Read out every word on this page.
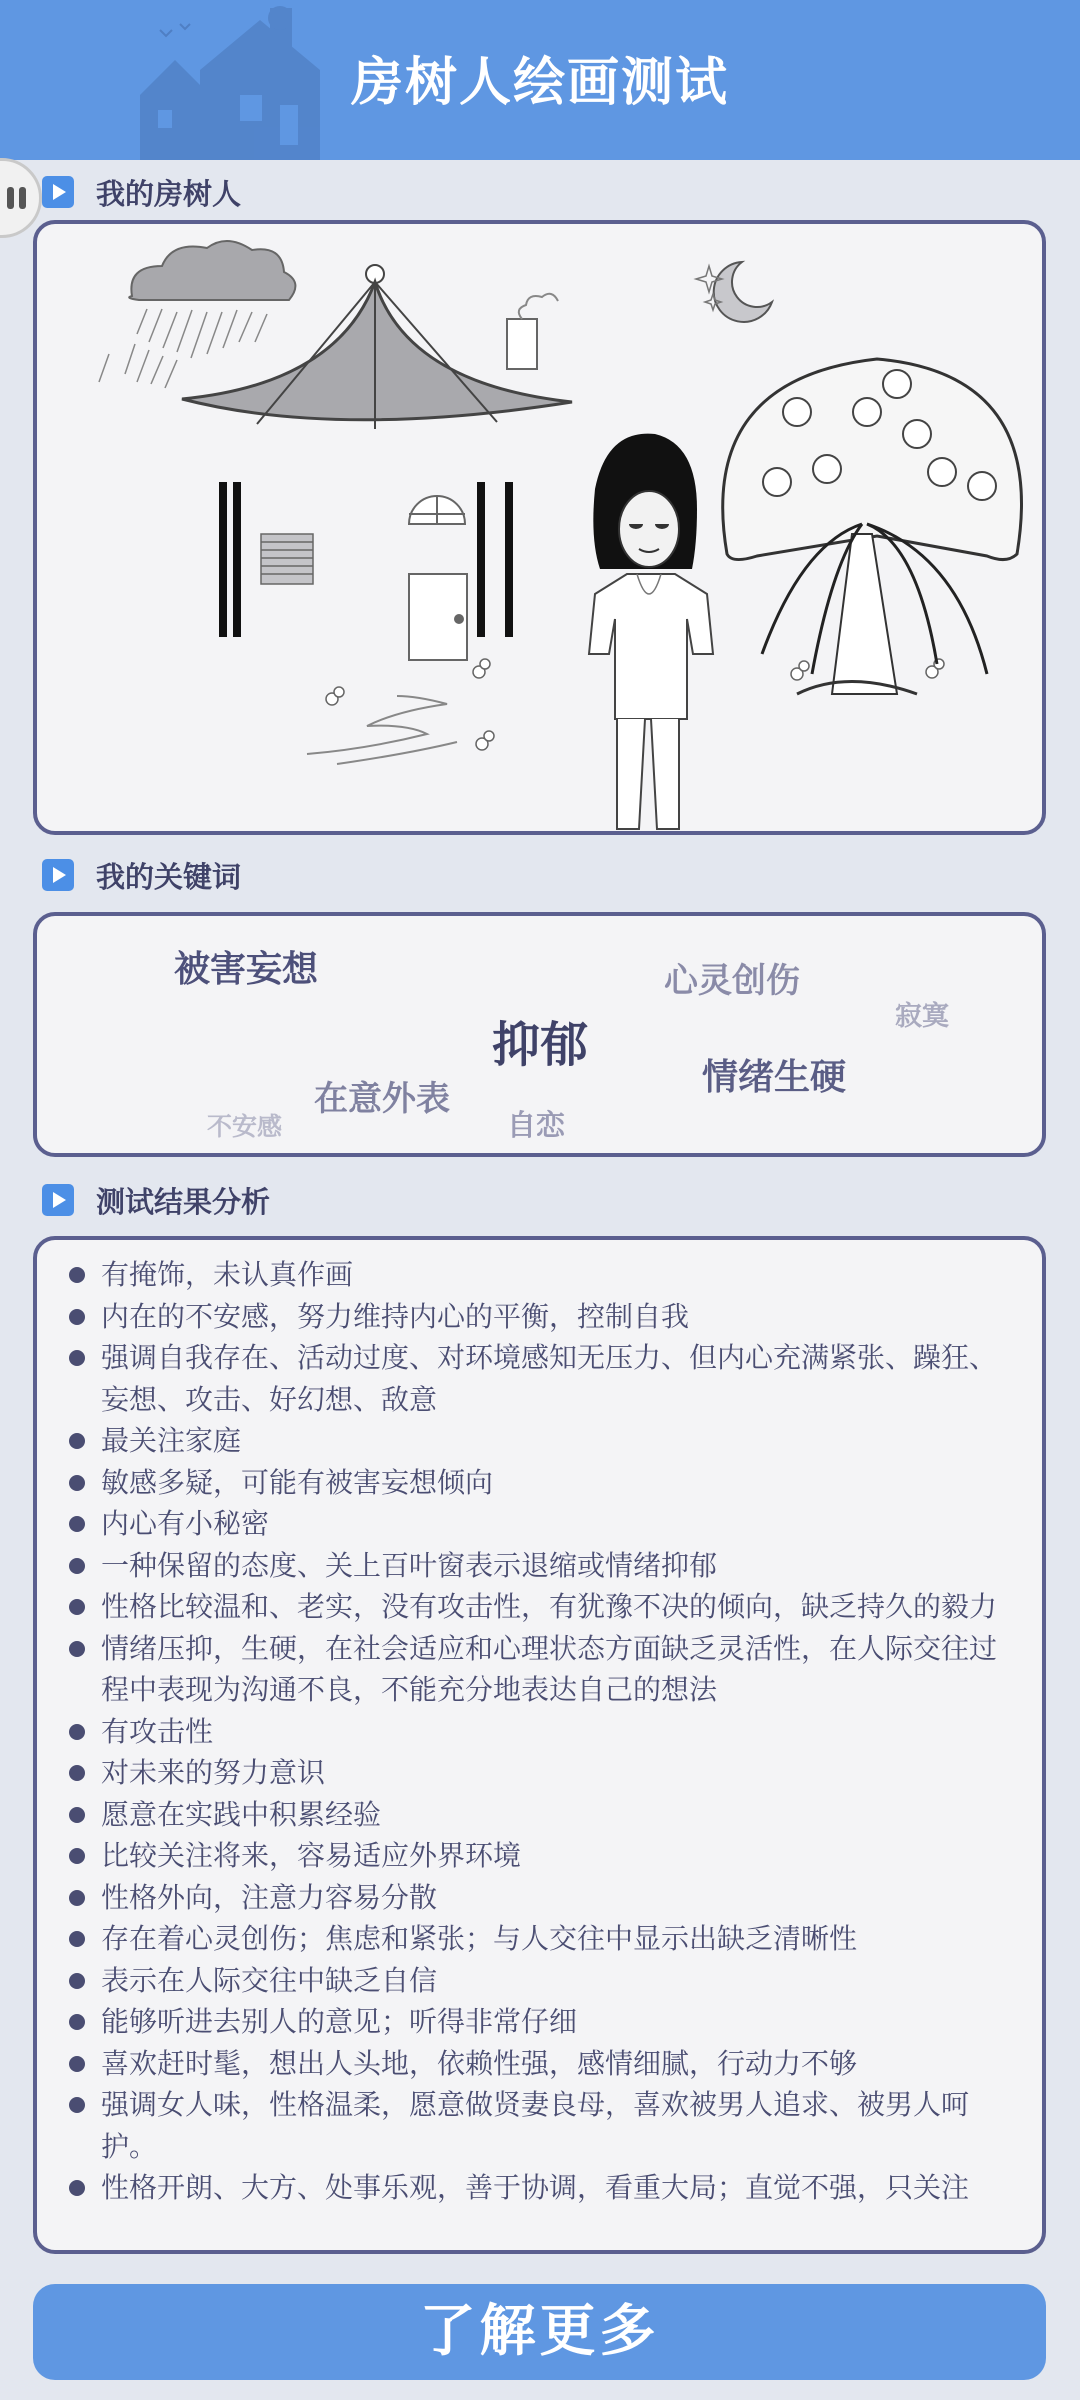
房树人绘画测试
我的房树人
我的关键词
被害妄想	心灵创伤
寂寞
抑郁
情绪生硬
在意外表
不安感	自恋
测试结果分析
有掩饰，未认真作画
内在的不安感，努力维持内心的平衡，控制自我
强调自我存在、活动过度、对环境感知无压力、但内心充满紧张、躁狂、妄想、攻击、好幻想、敌意
最关注家庭
敏感多疑，可能有被害妄想倾向
内心有小秘密
一种保留的态度、关上百叶窗表示退缩或情绪抑郁
性格比较温和、老实，没有攻击性，有犹豫不决的倾向，缺乏持久的毅力
情绪压抑，生硬，在社会适应和心理状态方面缺乏灵活性，在人际交往过程中表现为沟通不良，不能充分地表达自己的想法
有攻击性
对未来的努力意识
愿意在实践中积累经验
比较关注将来，容易适应外界环境
性格外向，注意力容易分散
存在着心灵创伤；焦虑和紧张；与人交往中显示出缺乏清晰性
表示在人际交往中缺乏自信
能够听进去别人的意见；听得非常仔细
喜欢赶时髦，想出人头地，依赖性强，感情细腻，行动力不够
强调女人味，性格温柔，愿意做贤妻良母，喜欢被男人追求、被男人呵护。
性格开朗、大方、处事乐观，善于协调，看重大局；直觉不强，只关注
了解更多
